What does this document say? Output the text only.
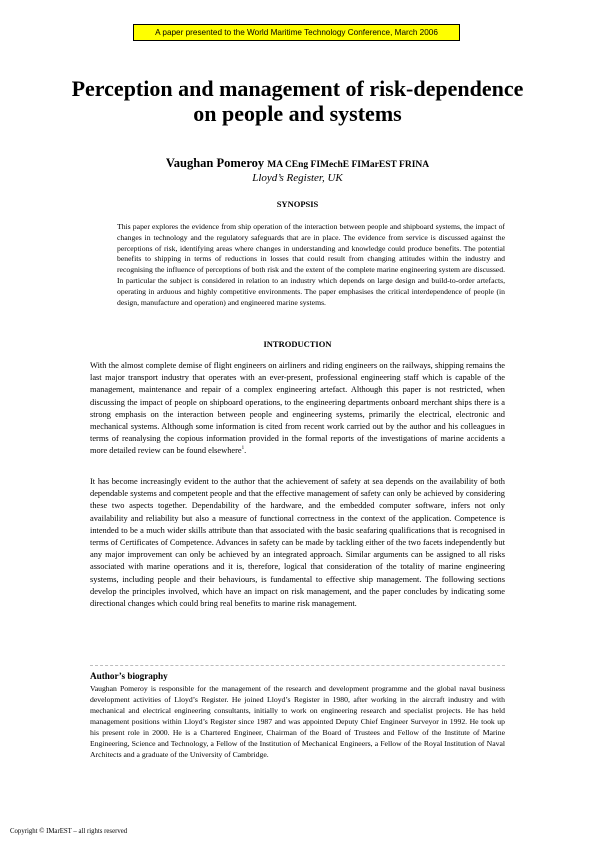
A paper presented to the World Maritime Technology Conference, March 2006
Perception and management of risk-dependence on people and systems
Vaughan Pomeroy MA CEng FIMechE FIMarEST FRINA
Lloyd’s Register, UK
SYNOPSIS

This paper explores the evidence from ship operation of the interaction between people and shipboard systems, the impact of changes in technology and the regulatory safeguards that are in place. The evidence from service is discussed against the perceptions of risk, identifying areas where changes in understanding and knowledge could produce benefits. The potential benefits to shipping in terms of reductions in losses that could result from changing attitudes within the industry and recognising the influence of perceptions of both risk and the extent of the complete marine engineering system are discussed. In particular the subject is considered in relation to an industry which depends on large design and build-to-order artefacts, operating in arduous and highly competitive environments. The paper emphasises the critical interdependence of people (in design, manufacture and operation) and engineered marine systems.

INTRODUCTION

With the almost complete demise of flight engineers on airliners and riding engineers on the railways, shipping remains the last major transport industry that operates with an ever-present, professional engineering staff which is capable of the management, maintenance and repair of a complex engineering artefact. Although this paper is not restricted, when discussing the impact of people on shipboard operations, to the engineering departments onboard merchant ships there is a strong emphasis on the interaction between people and engineering systems, primarily the electrical, electronic and mechanical systems. Although some information is cited from recent work carried out by the author and his colleagues in terms of reanalysing the copious information provided in the formal reports of the investigations of marine accidents a more detailed review can be found elsewhere$^1$.

It has become increasingly evident to the author that the achievement of safety at sea depends on the availability of both dependable systems and competent people and that the effective management of safety can only be achieved by considering these two aspects together. Dependability of the hardware, and the embedded computer software, infers not only availability and reliability but also a measure of functional correctness in the context of the application. Competence is intended to be a much wider skills attribute than that associated with the basic seafaring qualifications that is recognised in terms of Certificates of Competence. Advances in safety can be made by tackling either of the two facets independently but any major improvement can only be achieved by an integrated approach. Similar arguments can be assigned to all risks associated with marine operations and it is, therefore, logical that consideration of the totality of marine engineering systems, including people and their behaviours, is fundamental to effective ship management. The following sections develop the principles involved, which have an impact on risk management, and the paper concludes by indicating some directional changes which could bring real benefits to marine risk management.

Author’s biography

Vaughan Pomeroy is responsible for the management of the research and development programme and the global naval business development activities of Lloyd’s Register. He joined Lloyd’s Register in 1980, after working in the aircraft industry and with mechanical and electrical engineering consultants, initially to work on engineering research and specialist projects. He has held management positions within Lloyd’s Register since 1987 and was appointed Deputy Chief Engineer Surveyor in 1992. He took up his present role in 2000. He is a Chartered Engineer, Chairman of the Board of Trustees and Fellow of the Institute of Marine Engineering, Science and Technology, a Fellow of the Institution of Mechanical Engineers, a Fellow of the Royal Institution of Naval Architects and a graduate of the University of Cambridge.

Copyright © IMarEST – all rights reserved
